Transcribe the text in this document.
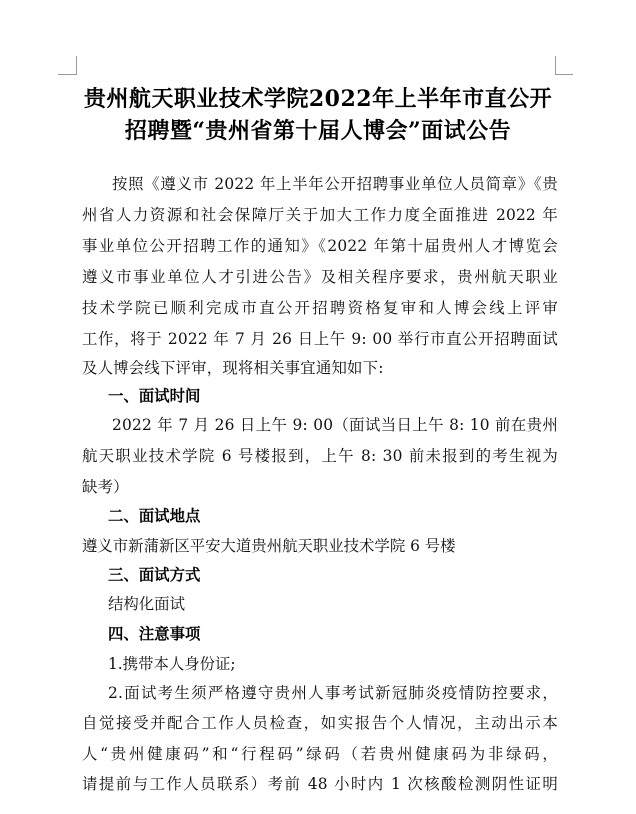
贵州航天职业技术学院2022年上半年市直公开
招聘暨“贵州省第十届人博会”面试公告
按照《遵义市 2022 年上半年公开招聘事业单位人员简章》《贵
州省人力资源和社会保障厅关于加大工作力度全面推进 2022 年
事业单位公开招聘工作的通知》《2022 年第十届贵州人才博览会
遵义市事业单位人才引进公告》及相关程序要求，贵州航天职业
技术学院已顺利完成市直公开招聘资格复审和人博会线上评审
工作，将于 2022 年 7 月 26 日上午 9: 00 举行市直公开招聘面试
及人博会线下评审，现将相关事宜通知如下:
一、面试时间
2022 年 7 月 26 日上午 9: 00（面试当日上午 8: 10 前在贵州
航天职业技术学院 6 号楼报到，上午 8: 30 前未报到的考生视为
缺考）
二、面试地点
遵义市新蒲新区平安大道贵州航天职业技术学院 6 号楼
三、面试方式
结构化面试
四、注意事项
1.携带本人身份证;
2.面试考生须严格遵守贵州人事考试新冠肺炎疫情防控要求，
自觉接受并配合工作人员检查，如实报告个人情况，主动出示本
人“贵州健康码”和“行程码”绿码（若贵州健康码为非绿码，
请提前与工作人员联系）考前 48 小时内 1 次核酸检测阴性证明
